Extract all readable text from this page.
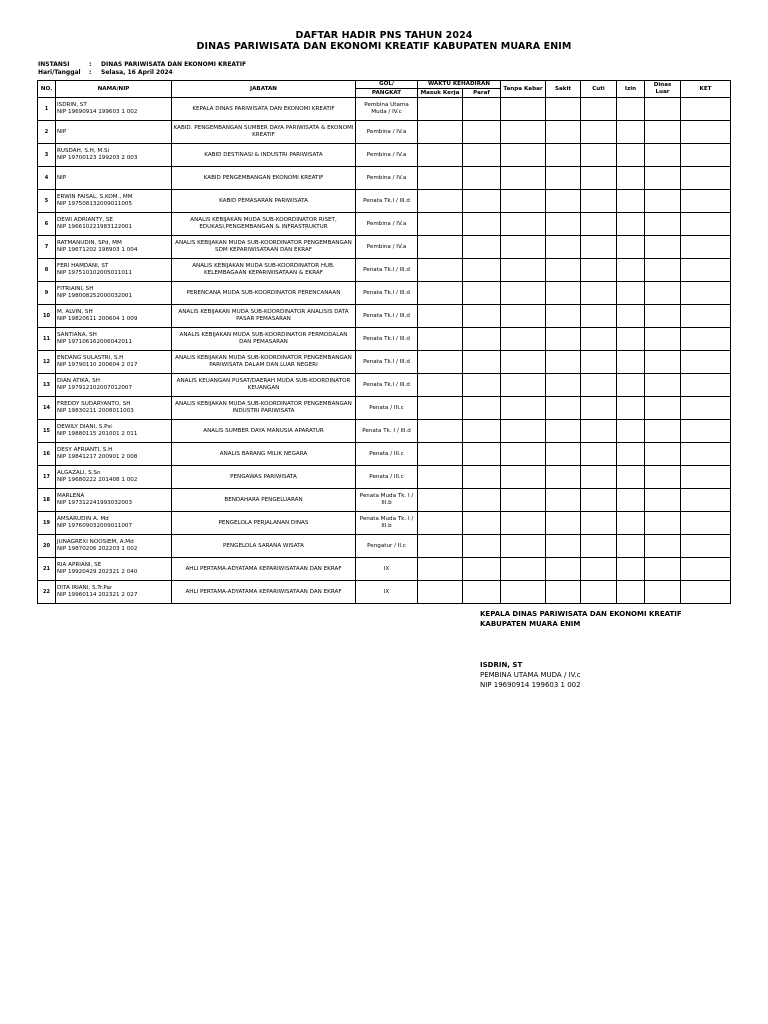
DAFTAR HADIR PNS TAHUN 2024
DINAS PARIWISATA DAN EKONOMI KREATIF KABUPATEN MUARA ENIM
INSTANSI	: DINAS PARIWISATA DAN EKONOMI KREATIF
Hari/Tanggal : Selasa, 16 April 2024
NO.	NAMA/NIP	JABATAN	GOL/	WAKTU KEHADIRAN		Tanpa Kabar	Sakit	Cuti	Izin	Dinas Luar	KET
			PANGKAT	Masuk Kerja	Paraf						
1	ISDRIN, ST
NIP 19690914 199603 1 002	KEPALA DINAS PARIWISATA DAN EKONOMI KREATIF	Pembina Utama Muda / IV.c								
2	NIP	KABID. PENGEMBANGAN SUMBER DAYA PARIWISATA & EKONOMI KREATIF	Pembina / IV.a								
3	RUSDAH, S.H, M.Si
NIP 19700123 199203 2 003	KABID DESTINASI & INDUSTRI PARIWISATA	Pembina / IV.a								
4	NIP	KABID PENGEMBANGAN EKONOMI KREATIF	Pembina / IV.a								
5	ERWIN FAISAL, S.KOM., MM
NIP 197508132009011005	KABID PEMASARAN PARIWISATA	Penata Tk.I / III.d								
6	DEWI ADRIANTY, SE
NIP 196610221983122001	ANALIS KEBIJAKAN MUDA SUB-KOORDINATOR RISET, EDUKASI,PENGEMBANGAN & INFRASTRUKTUR	Pembina / IV.a								
7	RATMANUDIN, SPd, MM
NIP 19671202 198903 1 004	ANALIS KEBIJAKAN MUDA SUB-KOORDINATOR PENGEMBANGAN SDM KEPARIWISATAAN DAN EKRAF	Pembina / IV.a								
8	FERI HAMDANI, ST
NIP 197510102005011011	ANALIS KEBIJAKAN MUDA SUB-KOORDINATOR HUB. KELEMBAGAAN KEPARIWISATAAN & EKRAF	Penata Tk.I / III.d								
9	FITRIAINI, SH
NIP 198008252000032001	PERENCANA MUDA SUB-KOORDINATOR PERENCANAAN	Penata Tk.I / III.d								
10	M. ALVIN, SH
NIP 19820611 200604 1 009	ANALIS KEBIJAKAN MUDA SUB-KOORDINATOR ANALISIS DATA PASAR PEMASARAN	Penata Tk.I / III.d								
11	SANTIANA, SH
NIP 197106162006042011	ANALIS KEBIJAKAN MUDA SUB-KOORDINATOR PERMODALAN DAN PEMASARAN	Penata Tk.I / III.d								
12	ENDANG SULASTRI, S.H
NIP 19790110 200604 2 017	ANALIS KEBIJAKAN MUDA SUB-KOORDINATOR PENGEMBANGAN PARIWISATA DALAM DAN LUAR NEGERI	Penata Tk.I / III.d								
13	DIAN ATIKA, SH
NIP 197912102007012007	ANALIS KEUANGAN PUSAT/DAERAH MUDA SUB-KOORDINATOR KEUANGAN	Penata Tk.I / III.d								
14	FREDDY SUDARYANTO, SH
NIP 19830211 2008011003	ANALIS KEBIJAKAN MUDA SUB-KOORDINATOR PENGEMBANGAN INDUSTRI PARIWISATA	Penata / III.c								
15	DEWILY DIANI, S.Psi
NIP 19880115 201001 2 011	ANALIS SUMBER DAYA MANUSIA APARATUR	Penata Tk. I / III.d								
16	DESY AFRIANTI, S.H
NIP 19841217 200901 2 008	ANALIS BARANG MILIK NEGARA	Penata / III.c								
17	ALGAZALI, S.Sn
NIP 19680222 201408 1 002	PENGAWAS PARIWISATA	Penata / III.c								
18	MARLENA
NIP 197312241993032003	BENDAHARA PENGELUARAN	Penata Muda Tk. I / III.b								
19	AMSARUDIN A. Md
NIP 197609032009011007	PENGELOLA PERJALANAN DINAS	Penata Muda Tk. I / III.b								
20	JUNAGREXI NOOSIEM, A.Md
NIP 19870206 202203 1 002	PENGELOLA SARANA WISATA	Pengatur / II.c								
21	RIA APRIANI, SE
NIP 19920429 202321 2 040	AHLI PERTAMA-ADYATAMA KEPARIWISATAAN DAN EKRAF	IX								
22	DITA IRIANI, S.Tr.Par
NIP 19960114 202321 2 027	AHLI PERTAMA-ADYATAMA KEPARIWISATAAN DAN EKRAF	IX								
KEPALA DINAS PARIWISATA DAN EKONOMI KREATIF
KABUPATEN MUARA ENIM
ISDRIN, ST
PEMBINA UTAMA MUDA / IV.c
NIP 19690914 199603 1 002
